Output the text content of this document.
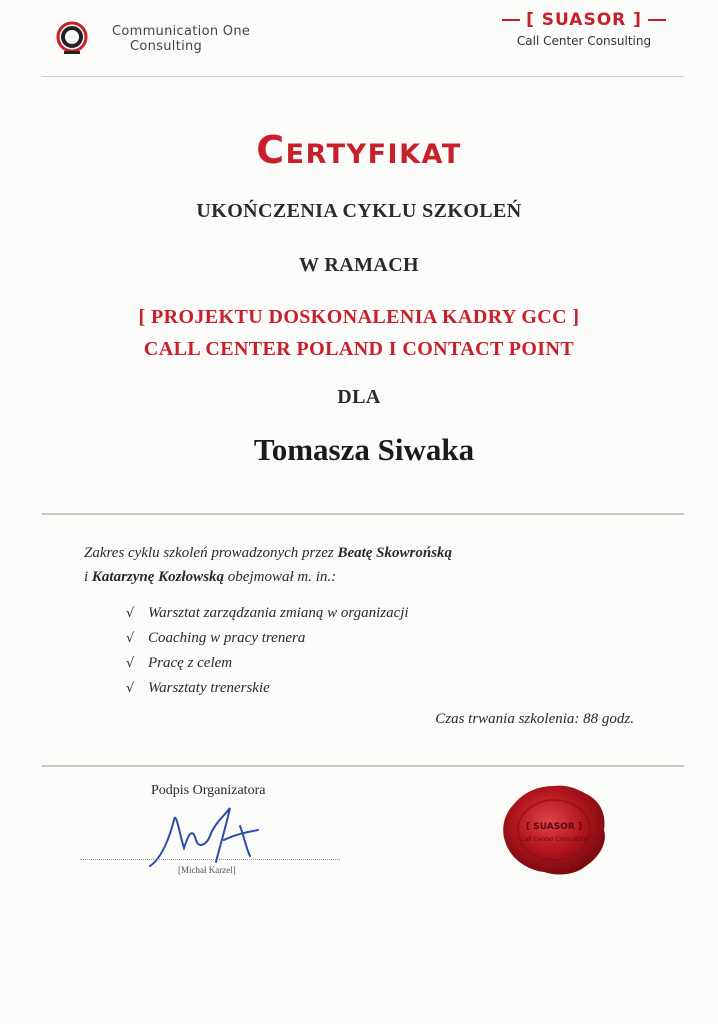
Communication One
Consulting
[ SUASOR ]
Call Center Consulting
Certyfikat
UKOŃCZENIA CYKLU SZKOLEŃ
W RAMACH
[ PROJEKTU DOSKONALENIA KADRY GCC ]
CALL CENTER POLAND I CONTACT POINT
DLA
Tomasza Siwaka
Zakres cyklu szkoleń prowadzonych przez Beatę Skowrońską
i Katarzynę Kozłowską obejmował m. in.:
√ Warsztat zarządzania zmianą w organizacji
√ Coaching w pracy trenera
√ Pracę z celem
√ Warsztaty trenerskie
Czas trwania szkolenia: 88 godz.
Podpis Organizatora
[Michał Karzel]
[ SUASOR ]
Call Center Consulting
